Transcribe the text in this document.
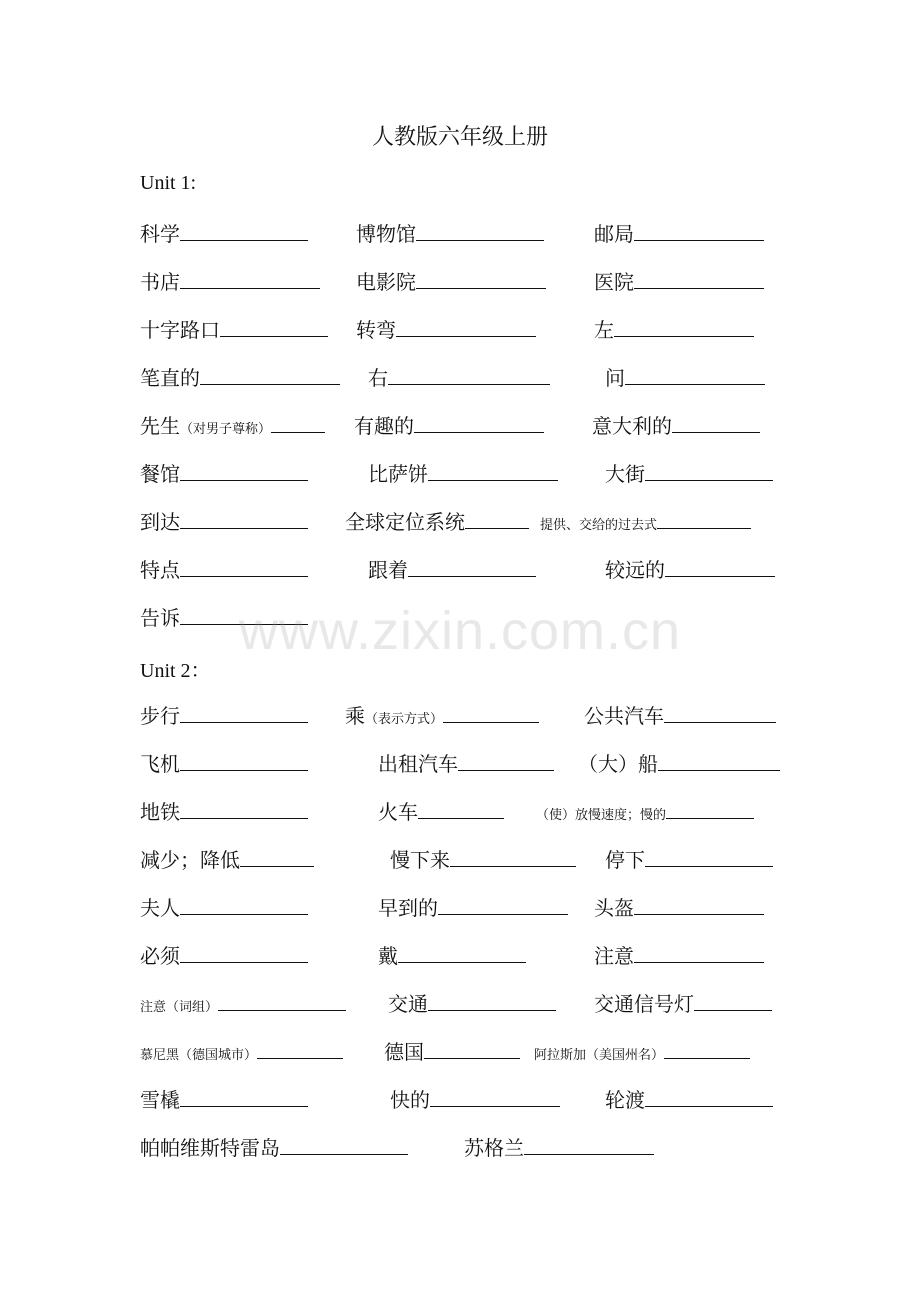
人教版六年级上册
Unit 1:
科学	博物馆	邮局
书店	电影院	医院
十字路口	转弯	左
笔直的	右	问
先生（对男子尊称）	有趣的	意大利的
餐馆	比萨饼	大街
到达	全球定位系统	提供、交给的过去式
特点	跟着	较远的
告诉
Unit 2：
步行	乘（表示方式）	公共汽车
飞机	出租汽车	（大）船
地铁	火车	（使）放慢速度；慢的
减少；降低	慢下来	停下
夫人	早到的	头盔
必须	戴	注意
注意（词组）	交通	交通信号灯
慕尼黑（德国城市）	德国	阿拉斯加（美国州名）
雪橇	快的	轮渡
帕帕维斯特雷岛	苏格兰
www.zixin.com.cn
